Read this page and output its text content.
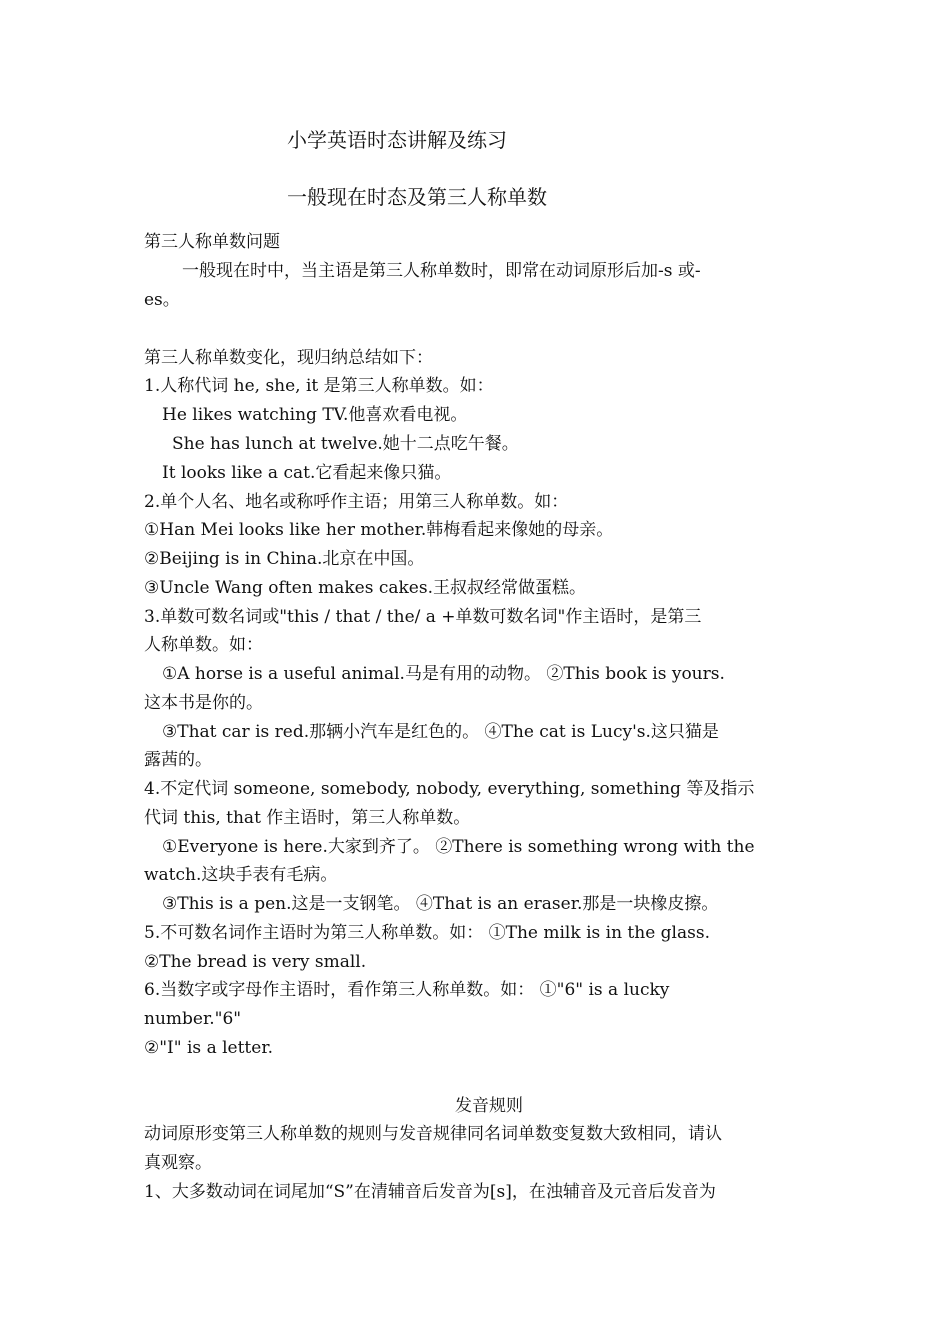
小学英语时态讲解及练习
一般现在时态及第三人称单数
第三人称单数问题
一般现在时中，当主语是第三人称单数时，即常在动词原形后加-s 或-
es。
第三人称单数变化，现归纳总结如下：
1.人称代词 he, she, it 是第三人称单数。如：
He likes watching TV.他喜欢看电视。
She has lunch at twelve.她十二点吃午餐。
It looks like a cat.它看起来像只猫。
2.单个人名、地名或称呼作主语；用第三人称单数。如：
①Han Mei looks like her mother.韩梅看起来像她的母亲。
②Beijing is in China.北京在中国。
③Uncle Wang often makes cakes.王叔叔经常做蛋糕。
3.单数可数名词或"this / that / the/ a +单数可数名词"作主语时，是第三
人称单数。如：
①A horse is a useful animal.马是有用的动物。 ②This book is yours.
这本书是你的。
③That car is red.那辆小汽车是红色的。 ④The cat is Lucy's.这只猫是
露茜的。
4.不定代词 someone, somebody, nobody, everything, something 等及指示
代词 this, that 作主语时，第三人称单数。
①Everyone is here.大家到齐了。 ②There is something wrong with the
watch.这块手表有毛病。
③This is a pen.这是一支钢笔。 ④That is an eraser.那是一块橡皮擦。
5.不可数名词作主语时为第三人称单数。如： ①The milk is in the glass.
②The bread is very small.
6.当数字或字母作主语时，看作第三人称单数。如： ①"6" is a lucky
number."6"
②"I" is a letter.
发音规则
动词原形变第三人称单数的规则与发音规律同名词单数变复数大致相同，请认
真观察。
1、大多数动词在词尾加“S”在清辅音后发音为[s]，在浊辅音及元音后发音为
